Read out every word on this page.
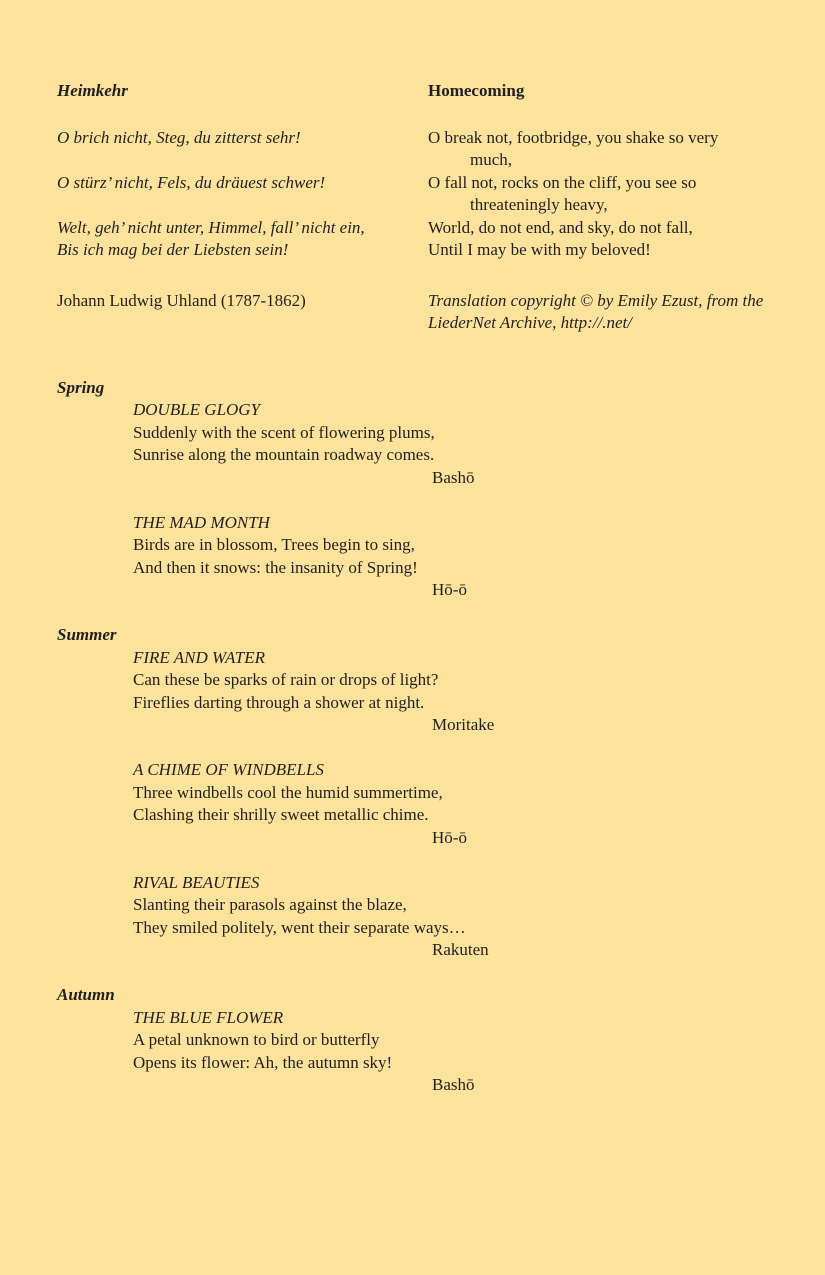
Heimkehr	Homecoming
O brich nicht, Steg, du zitterst sehr!	O break not, footbridge, you shake so very
much,
O stürz’ nicht, Fels, du dräuest schwer!	O fall not, rocks on the cliff, you see so
threateningly heavy,
Welt, geh’ nicht unter, Himmel, fall’ nicht ein,	World, do not end, and sky, do not fall,
Bis ich mag bei der Liebsten sein!	Until I may be with my beloved!
Johann Ludwig Uhland (1787-1862)	Translation copyright © by Emily Ezust, from the
LiederNet Archive, http://.net/
Spring
DOUBLE GLOGY
Suddenly with the scent of flowering plums,
Sunrise along the mountain roadway comes.
Bashō
THE MAD MONTH
Birds are in blossom, Trees begin to sing,
And then it snows: the insanity of Spring!
Hō-ō
Summer
FIRE AND WATER
Can these be sparks of rain or drops of light?
Fireflies darting through a shower at night.
Moritake
A CHIME OF WINDBELLS
Three windbells cool the humid summertime,
Clashing their shrilly sweet metallic chime.
Hō-ō
RIVAL BEAUTIES
Slanting their parasols against the blaze,
They smiled politely, went their separate ways…
Rakuten
Autumn
THE BLUE FLOWER
A petal unknown to bird or butterfly
Opens its flower: Ah, the autumn sky!
Bashō
